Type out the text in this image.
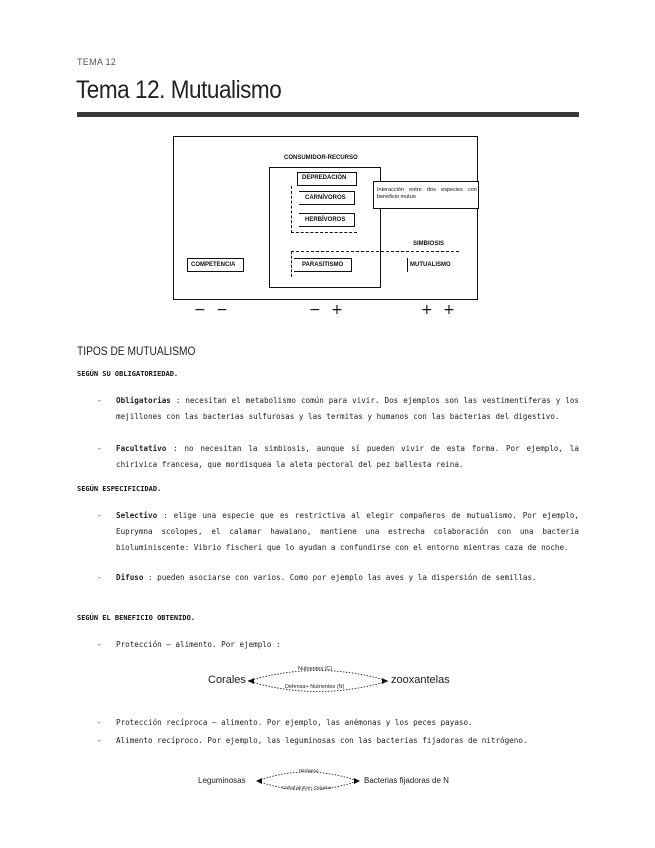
TEMA 12
Tema 12. Mutualismo
CONSUMIDOR-RECURSO
DEPREDACIÓN
CARNÍVOROS
HERBÍVOROS
Interacción entre dos especies con beneficio mutuo
COMPETENCIA
SIMBIOSIS
PARASITISMO	MUTUALISMO
− −	− +	+ +
TIPOS DE MUTUALISMO
SEGÚN SU OBLIGATORIEDAD.
- Obligatorias : necesitan el metabolismo común para vivir. Dos ejemplos son las vestimentíferas y los mejillones con las bacterias sulfurosas y las termitas y humanos con las bacterias del digestivo.
- Facultativo : no necesitan la simbiosis, aunque sí pueden vivir de esta forma. Por ejemplo, la chirivica francesa, que mordisquea la aleta pectoral del pez ballesta reina.
SEGÚN ESPECIFICIDAD.
- Selectivo : elige una especie que es restrictiva al elegir compañeros de mutualismo. Por ejemplo, Euprymna scolopes, el calamar hawaiano, mantiene una estrecha colaboración con una bacteria bioluminiscente: Vibrio fischeri que lo ayudan a confundirse con el entorno mientras caza de noche.
- Difuso : pueden asociarse con varios. Como por ejemplo las aves y la dispersión de semillas.
SEGÚN EL BENEFICIO OBTENIDO.
- Protección – alimento. Por ejemplo :
Corales	zooxantelas
Nutrientes (C)
Defensa+ Nutrientes (N)
- Protección recíproca – alimento. Por ejemplo, las anémonas y los peces payaso.
- Alimento recíproco. Por ejemplo, las leguminosas con las bacterias fijadoras de nitrógeno.
Leguminosas	Bacterias fijadoras de N
Nitrógeno
Carbohidratos+ Oxígeno
